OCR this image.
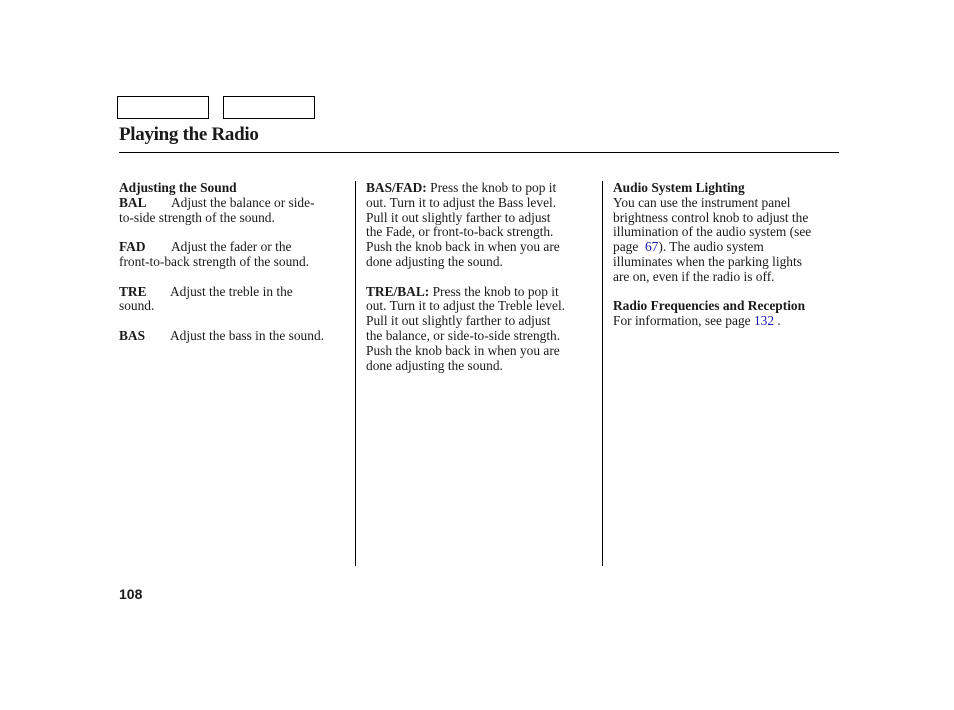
Playing the Radio
Adjusting the Sound
BAL Adjust the balance or side-
to-side strength of the sound.
FAD Adjust the fader or the
front-to-back strength of the sound.
TRE Adjust the treble in the
sound.
BAS Adjust the bass in the sound.
BAS/FAD: Press the knob to pop it
out. Turn it to adjust the Bass level.
Pull it out slightly farther to adjust
the Fade, or front-to-back strength.
Push the knob back in when you are
done adjusting the sound.
TRE/BAL: Press the knob to pop it
out. Turn it to adjust the Treble level.
Pull it out slightly farther to adjust
the balance, or side-to-side strength.
Push the knob back in when you are
done adjusting the sound.
Audio System Lighting
You can use the instrument panel
brightness control knob to adjust the
illumination of the audio system (see
page 67). The audio system
illuminates when the parking lights
are on, even if the radio is off.
Radio Frequencies and Reception
For information, see page 132 .
108
